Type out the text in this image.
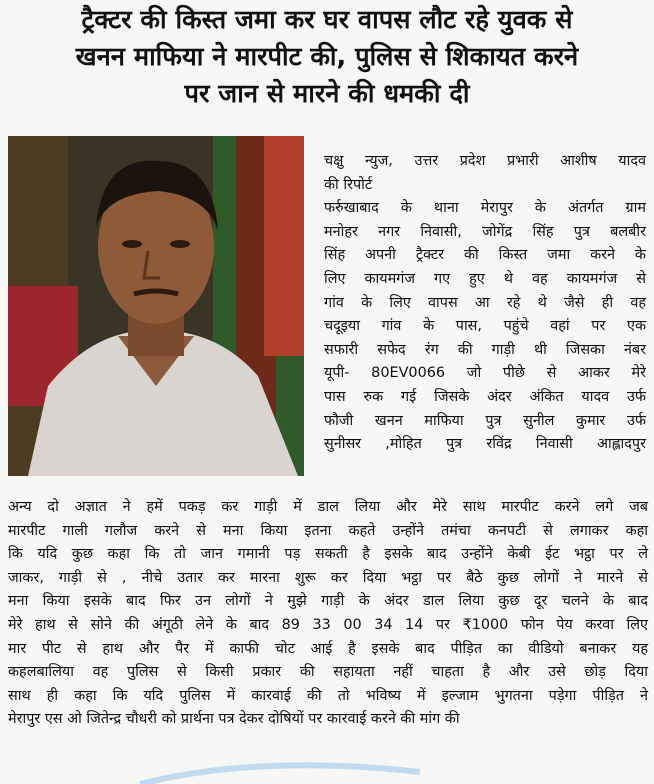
ट्रैक्टर की किस्त जमा कर घर वापस लौट रहे युवक से
खनन माफिया ने मारपीट की, पुलिस से शिकायत करने
पर जान से मारने की धमकी दी
चक्षु न्युज, उत्तर प्रदेश प्रभारी आशीष यादव
की रिपोर्ट
फर्रुखाबाद के थाना मेरापुर के अंतर्गत ग्राम
मनोहर नगर निवासी, जोगेंद्र सिंह पुत्र बलबीर
सिंह अपनी ट्रैक्टर की किस्त जमा करने के
लिए कायमगंज गए हुए थे वह कायमगंज से
गांव के लिए वापस आ रहे थे जैसे ही वह
चदूइया गांव के पास, पहुंचे वहां पर एक
सफारी सफेद रंग की गाड़ी थी जिसका नंबर
यूपी- 80EV0066 जो पीछे से आकर मेरे
पास रुक गई जिसके अंदर अंकित यादव उर्फ
फौजी खनन माफिया पुत्र सुनील कुमार उर्फ
सुनीसर ,मोहित पुत्र रविंद्र निवासी आह्लादपुर
अन्य दो अज्ञात ने हमें पकड़ कर गाड़ी में डाल लिया और मेरे साथ मारपीट करने लगे जब
मारपीट गाली गलौज करने से मना किया इतना कहते उन्होंने तमंचा कनपटी से लगाकर कहा
कि यदि कुछ कहा कि तो जान गमानी पड़ सकती है इसके बाद उन्होंने केबी ईट भट्ठा पर ले
जाकर, गाड़ी से , नीचे उतार कर मारना शुरू कर दिया भट्ठा पर बैठे कुछ लोगों ने मारने से
मना किया इसके बाद फिर उन लोगों ने मुझे गाड़ी के अंदर डाल लिया कुछ दूर चलने के बाद
मेरे हाथ से सोने की अंगूठी लेने के बाद 89 33 00 34 14 पर ₹1000 फोन पेय करवा लिए
मार पीट से हाथ और पैर में काफी चोट आई है इसके बाद पीड़ित का वीडियो बनाकर यह
कहलबालिया वह पुलिस से किसी प्रकार की सहायता नहीं चाहता है और उसे छोड़ दिया
साथ ही कहा कि यदि पुलिस में कारवाई की तो भविष्य में इल्जाम भुगतना पड़ेगा पीड़ित ने
मेरापुर एस ओ जितेन्द्र चौधरी को प्रार्थना पत्र देकर दोषियों पर कारवाई करने की मांग की
